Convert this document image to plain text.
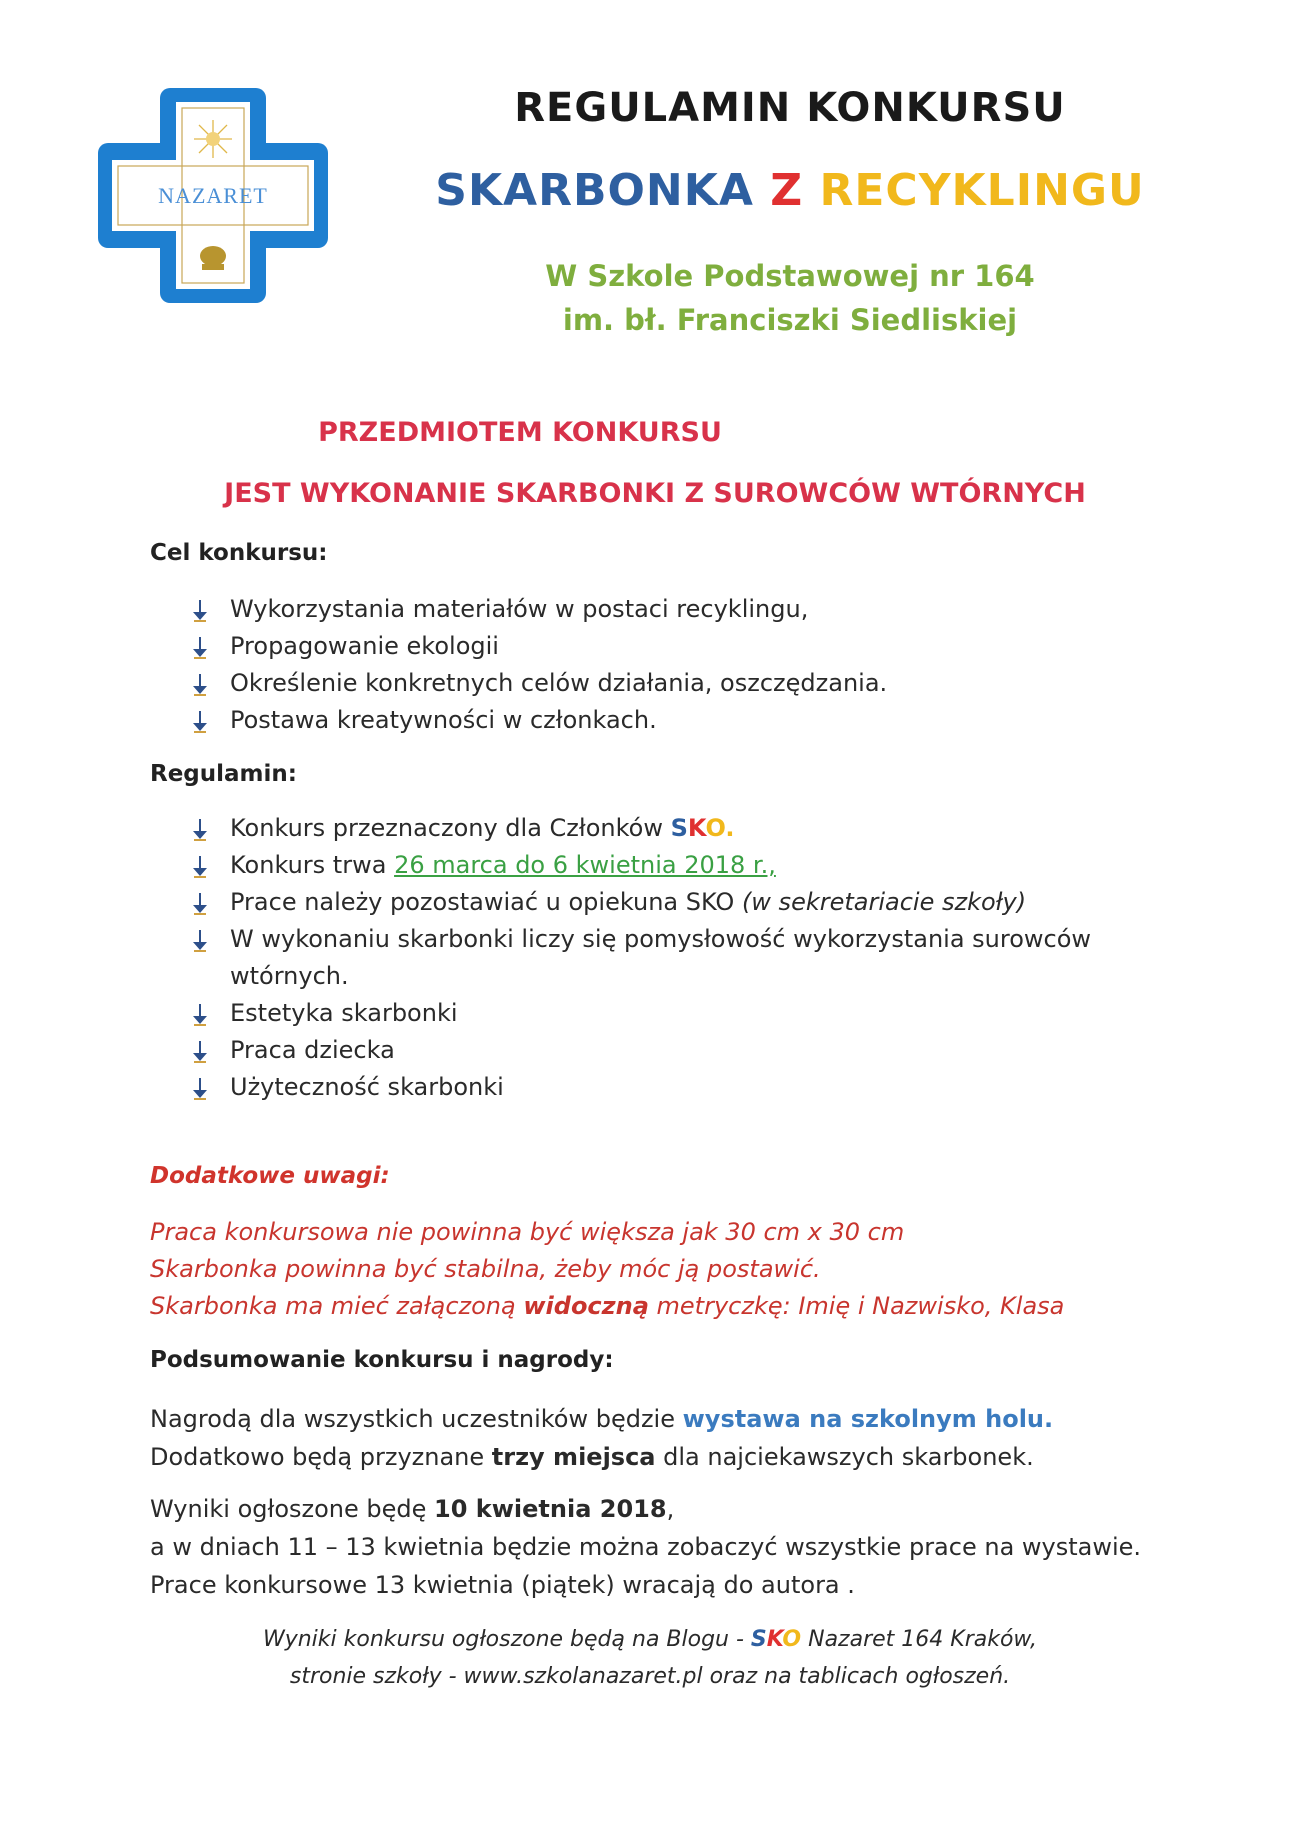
NAZARET
REGULAMIN KONKURSU
SKARBONKA Z RECYKLINGU
W Szkole Podstawowej nr 164
im. bł. Franciszki Siedliskiej
PRZEDMIOTEM KONKURSU
JEST WYKONANIE SKARBONKI Z SUROWCÓW WTÓRNYCH
Cel konkursu:
Wykorzystania materiałów w postaci recyklingu,
Propagowanie ekologii
Określenie konkretnych celów działania, oszczędzania.
Postawa kreatywności w członkach.
Regulamin:
Konkurs przeznaczony dla Członków SKO.
Konkurs trwa 26 marca do 6 kwietnia 2018 r.,
Prace należy pozostawiać u opiekuna SKO (w sekretariacie szkoły)
W wykonaniu skarbonki liczy się pomysłowość wykorzystania surowców wtórnych.
Estetyka skarbonki
Praca dziecka
Użyteczność skarbonki
Dodatkowe uwagi:
Praca konkursowa nie powinna być większa jak 30 cm x 30 cm
Skarbonka powinna być stabilna, żeby móc ją postawić.
Skarbonka ma mieć załączoną widoczną metryczkę: Imię i Nazwisko, Klasa
Podsumowanie konkursu i nagrody:
Nagrodą dla wszystkich uczestników będzie wystawa na szkolnym holu.
Dodatkowo będą przyznane trzy miejsca dla najciekawszych skarbonek.
Wyniki ogłoszone będę 10 kwietnia 2018,
a w dniach 11 – 13 kwietnia będzie można zobaczyć wszystkie prace na wystawie.
Prace konkursowe 13 kwietnia (piątek) wracają do autora .
Wyniki konkursu ogłoszone będą na Blogu - SKO Nazaret 164 Kraków,
stronie szkoły - www.szkolanazaret.pl oraz na tablicach ogłoszeń.
